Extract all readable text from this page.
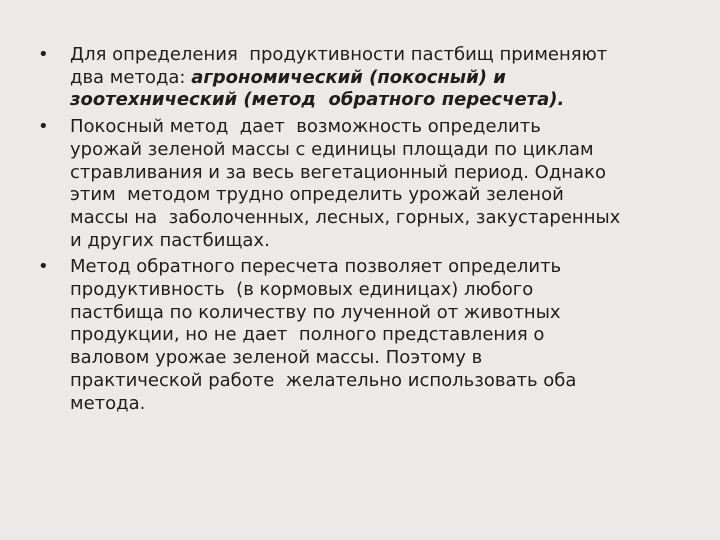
• Для определения  продуктивности пастбищ применяют
два метода: агрономический (покосный) и
зоотехнический (метод  обратного пересчета).
• Покосный метод  дает  возможность определить
урожай зеленой массы с единицы площади по циклам
стравливания и за весь вегетационный период. Однако
этим  методом трудно определить урожай зеленой
массы на  заболоченных, лесных, горных, закустаренных
и других пастбищах.
• Метод обратного пересчета позволяет определить
продуктивность  (в кормовых единицах) любого
пастбища по количеству по лученной от животных
продукции, но не дает  полного представления о
валовом урожае зеленой массы. Поэтому в
практической работе  желательно использовать оба
метода.
